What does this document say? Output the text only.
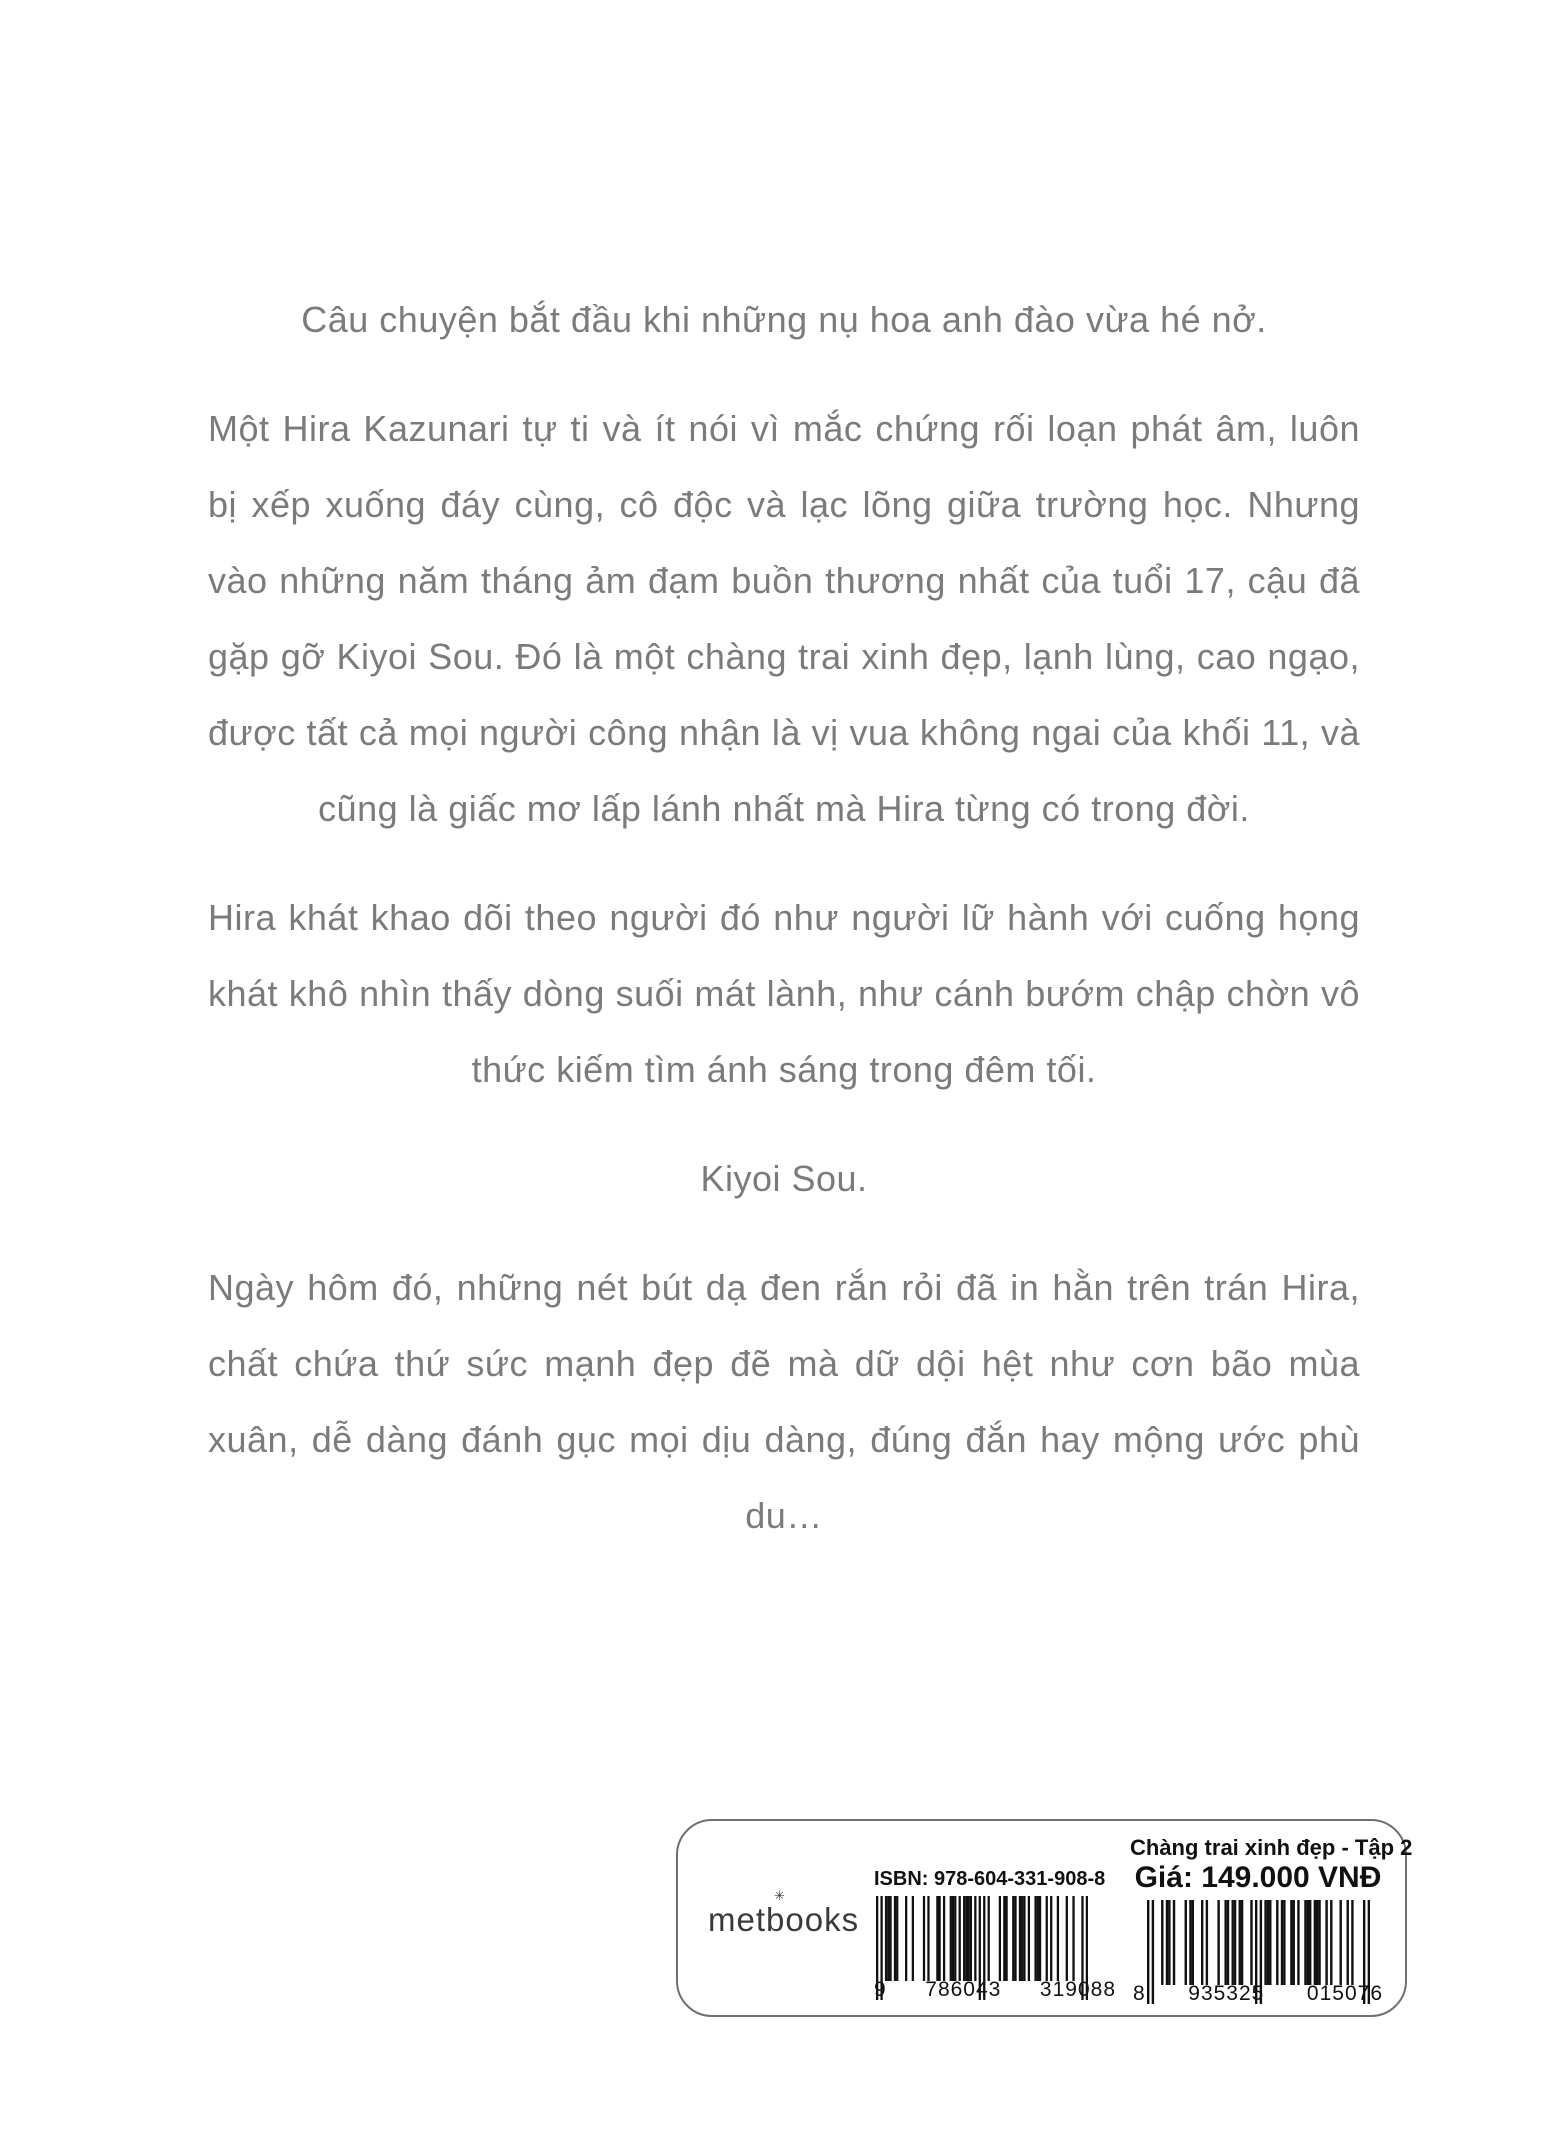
Câu chuyện bắt đầu khi những nụ hoa anh đào vừa hé nở.

Một Hira Kazunari tự ti và ít nói vì mắc chứng rối loạn phát âm, luôn bị xếp xuống đáy cùng, cô độc và lạc lõng giữa trường học. Nhưng vào những năm tháng ảm đạm buồn thương nhất của tuổi 17, cậu đã gặp gỡ Kiyoi Sou. Đó là một chàng trai xinh đẹp, lạnh lùng, cao ngạo, được tất cả mọi người công nhận là vị vua không ngai của khối 11, và cũng là giấc mơ lấp lánh nhất mà Hira từng có trong đời.

Hira khát khao dõi theo người đó như người lữ hành với cuống họng khát khô nhìn thấy dòng suối mát lành, như cánh bướm chập chờn vô thức kiếm tìm ánh sáng trong đêm tối.

Kiyoi Sou.

Ngày hôm đó, những nét bút dạ đen rắn rỏi đã in hằn trên trán Hira, chất chứa thứ sức mạnh đẹp đẽ mà dữ dội hệt như cơn bão mùa xuân, dễ dàng đánh gục mọi dịu dàng, đúng đắn hay mộng ước phù du…

✳
metbooks
ISBN: 978-604-331-908-8
9 786043 319088
Chàng trai xinh đẹp - Tập 2
Giá: 149.000 VNĐ
8 935325 015076
